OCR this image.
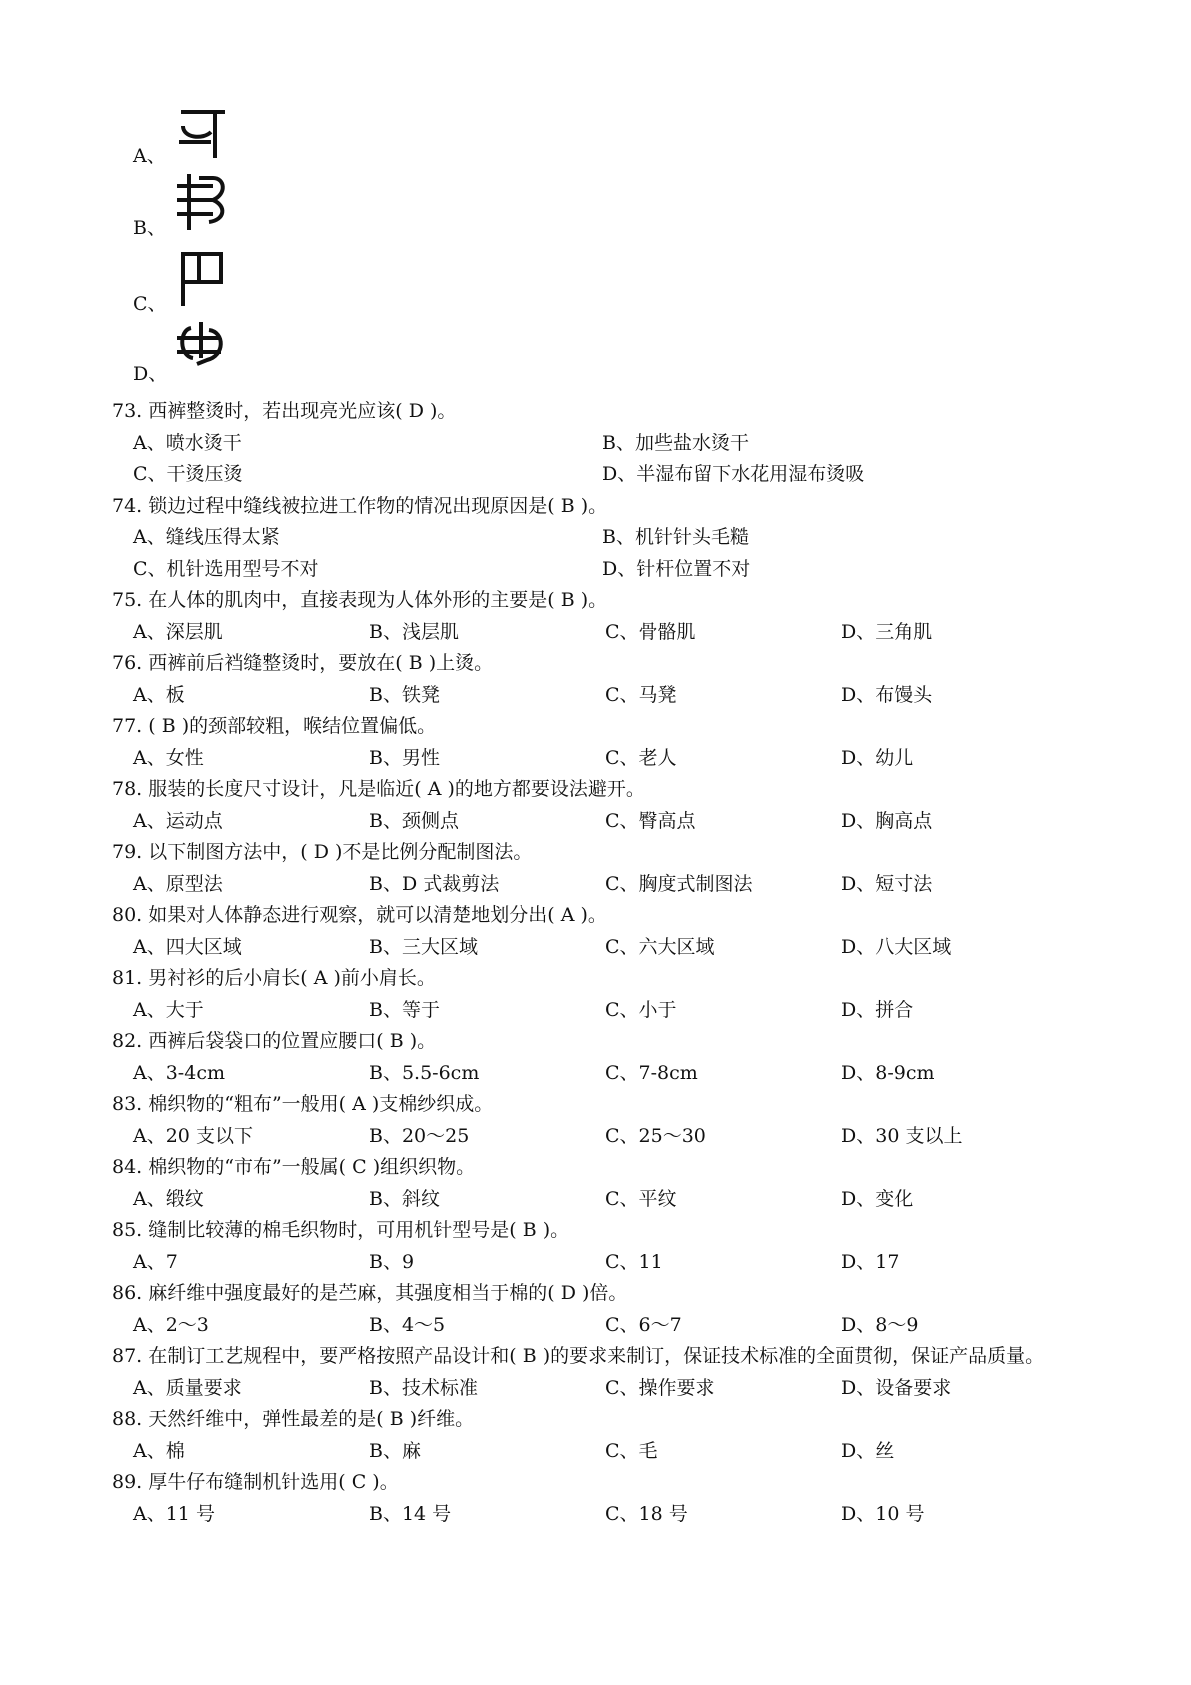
A、
B、
C、
D、
73. 西裤整烫时，若出现亮光应该( D )。
A、喷水烫干	B、加些盐水烫干
C、干烫压烫	D、半湿布留下水花用湿布烫吸
74. 锁边过程中缝线被拉进工作物的情况出现原因是( B )。
A、缝线压得太紧	B、机针针头毛糙
C、机针选用型号不对	D、针杆位置不对
75. 在人体的肌肉中，直接表现为人体外形的主要是( B )。
A、深层肌	B、浅层肌	C、骨骼肌	D、三角肌
76. 西裤前后裆缝整烫时，要放在( B )上烫。
A、板	B、铁凳	C、马凳	D、布馒头
77. ( B )的颈部较粗，喉结位置偏低。
A、女性	B、男性	C、老人	D、幼儿
78. 服装的长度尺寸设计，凡是临近( A )的地方都要设法避开。
A、运动点	B、颈侧点	C、臀高点	D、胸高点
79. 以下制图方法中，( D )不是比例分配制图法。
A、原型法	B、D 式裁剪法	C、胸度式制图法	D、短寸法
80. 如果对人体静态进行观察，就可以清楚地划分出( A )。
A、四大区域	B、三大区域	C、六大区域	D、八大区域
81. 男衬衫的后小肩长( A )前小肩长。
A、大于	B、等于	C、小于	D、拼合
82. 西裤后袋袋口的位置应腰口( B )。
A、3-4cm	B、5.5-6cm	C、7-8cm	D、8-9cm
83. 棉织物的“粗布”一般用( A )支棉纱织成。
A、20 支以下	B、20～25	C、25～30	D、30 支以上
84. 棉织物的“市布”一般属( C )组织织物。
A、缎纹	B、斜纹	C、平纹	D、变化
85. 缝制比较薄的棉毛织物时，可用机针型号是( B )。
A、7	B、9	C、11	D、17
86. 麻纤维中强度最好的是苎麻，其强度相当于棉的( D )倍。
A、2～3	B、4～5	C、6～7	D、8～9
87. 在制订工艺规程中，要严格按照产品设计和( B )的要求来制订，保证技术标准的全面贯彻，保证产品质量。
A、质量要求	B、技术标准	C、操作要求	D、设备要求
88. 天然纤维中，弹性最差的是( B )纤维。
A、棉	B、麻	C、毛	D、丝
89. 厚牛仔布缝制机针选用( C )。
A、11 号	B、14 号	C、18 号	D、10 号
